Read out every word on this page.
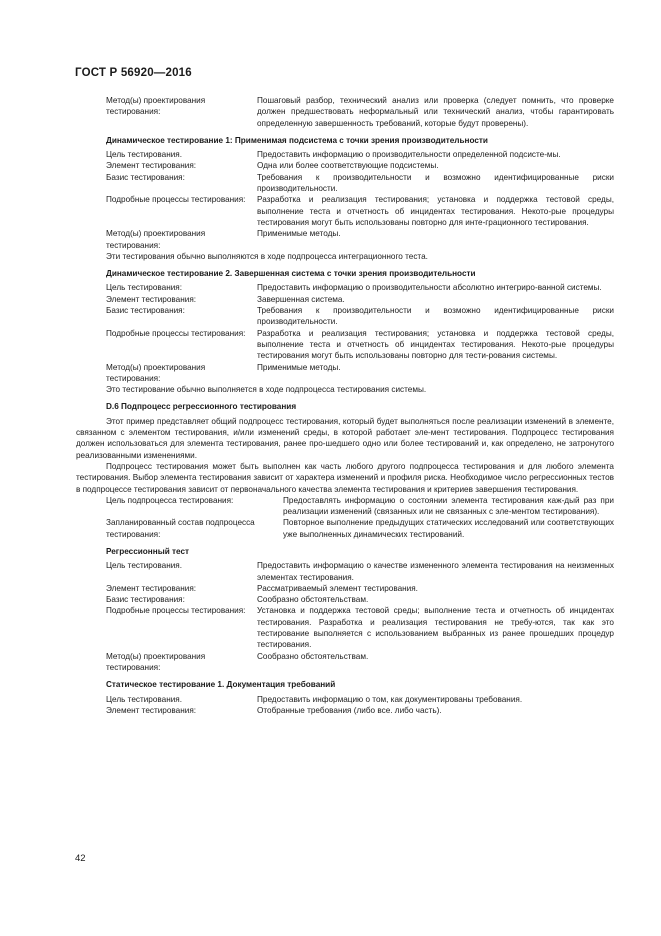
ГОСТ Р 56920—2016
Метод(ы) проектирования тестирования:
Пошаговый разбор, технический анализ или проверка (следует помнить, что проверке должен предшествовать неформальный или технический анализ, чтобы гарантировать определенную завершенность требований, которые будут проверены).
Динамическое тестирование 1: Применимая подсистема с точки зрения производительности
Цель тестирования.	Предоставить информацию о производительности определенной подсисте-мы.
Элемент тестирования:	Одна или более соответствующие подсистемы.
Базис тестирования:	Требования к производительности и возможно идентифицированные риски производительности.
Подробные процессы тестирования:	Разработка и реализация тестирования; установка и поддержка тестовой среды, выполнение теста и отчетность об инцидентах тестирования. Некото-рые процедуры тестирования могут быть использованы повторно для инте-грационного тестирования.
Метод(ы) проектирования тестирования:
Применимые методы.
Эти тестирования обычно выполняются в ходе подпроцесса интеграционного теста.
Динамическое тестирование 2. Завершенная система с точки зрения производительности
Цель тестирования:	Предоставить информацию о производительности абсолютно интегриро-ванной системы.
Элемент тестирования:	Завершенная система.
Базис тестирования:	Требования к производительности и возможно идентифицированные риски производительности.
Подробные процессы тестирования:	Разработка и реализация тестирования; установка и поддержка тестовой среды, выполнение теста и отчетность об инцидентах тестирования. Некото-рые процедуры тестирования могут быть использованы повторно для тести-рования системы.
Метод(ы) проектирования тестирования:
Применимые методы.
Это тестирование обычно выполняется в ходе подпроцесса тестирования системы.
D.6 Подпроцесс регрессионного тестирования
Этот пример представляет общий подпроцесс тестирования, который будет выполняться после реализации изменений в элементе, связанном с элементом тестирования, и/или изменений среды, в которой работает эле-мент тестирования. Подпроцесс тестирования должен использоваться для элемента тестирования, ранее про-шедшего одно или более тестирований и, как определено, не затронутого реализованными изменениями.
Подпроцесс тестирования может быть выполнен как часть любого другого подпроцесса тестирования и для любого элемента тестирования. Выбор элемента тестирования зависит от характера изменений и профиля риска. Необходимое число регрессионных тестов в подпроцессе тестирования зависит от первоначального качества элемента тестирования и критериев завершения тестирования.
Цель подпроцесса тестирования:	Предоставлять информацию о состоянии элемента тестирования каж-дый раз при реализации изменений (связанных или не связанных с эле-ментом тестирования).
Запланированный состав подпроцесса тестирования:
Повторное выполнение предыдущих статических исследований или соответствующих уже выполненных динамических тестирований.
Регрессионный тест
Цель тестирования.	Предоставить информацию о качестве измененного элемента тестирования на неизменных элементах тестирования.
Элемент тестирования:	Рассматриваемый элемент тестирования.
Базис тестирования:	Сообразно обстоятельствам.
Подробные процессы тестирования:	Установка и поддержка тестовой среды; выполнение теста и отчетность об инцидентах тестирования. Разработка и реализация тестирования не требу-ются, так как это тестирование выполняется с использованием выбранных из ранее прошедших процедур тестирования.
Метод(ы) проектирования тестирования:
Сообразно обстоятельствам.
Статическое тестирование 1. Документация требований
Цель тестирования.	Предоставить информацию о том, как документированы требования.
Элемент тестирования:	Отобранные требования (либо все. либо часть).
42
